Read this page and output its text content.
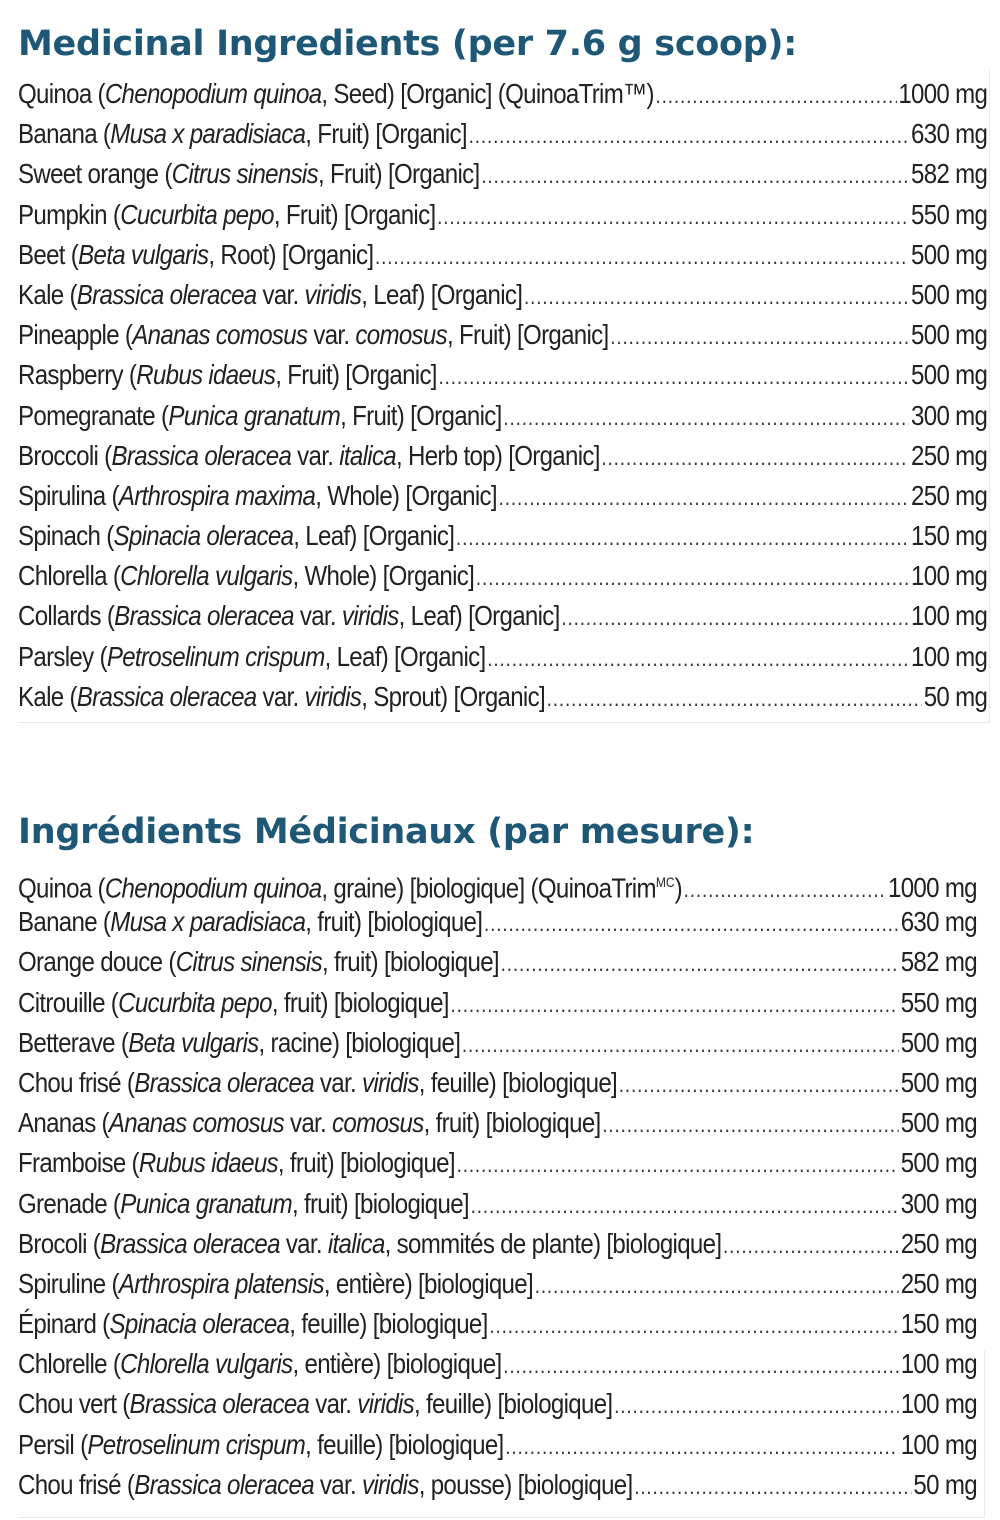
Medicinal Ingredients (per 7.6 g scoop):
Quinoa (Chenopodium quinoa, Seed) [Organic] (QuinoaTrim™) .....	1000 mg
Banana (Musa x paradisiaca, Fruit) [Organic] .....	630 mg
Sweet orange (Citrus sinensis, Fruit) [Organic] .....	582 mg
Pumpkin (Cucurbita pepo, Fruit) [Organic] .....	550 mg
Beet (Beta vulgaris, Root) [Organic] .....	500 mg
Kale (Brassica oleracea var. viridis, Leaf) [Organic] .....	500 mg
Pineapple (Ananas comosus var. comosus, Fruit) [Organic] .....	500 mg
Raspberry (Rubus idaeus, Fruit) [Organic] .....	500 mg
Pomegranate (Punica granatum, Fruit) [Organic] .....	300 mg
Broccoli (Brassica oleracea var. italica, Herb top) [Organic] .....	250 mg
Spirulina (Arthrospira maxima, Whole) [Organic] .....	250 mg
Spinach (Spinacia oleracea, Leaf) [Organic] .....	150 mg
Chlorella (Chlorella vulgaris, Whole) [Organic] .....	100 mg
Collards (Brassica oleracea var. viridis, Leaf) [Organic] .....	100 mg
Parsley (Petroselinum crispum, Leaf) [Organic] .....	100 mg
Kale (Brassica oleracea var. viridis, Sprout) [Organic] .....	50 mg
Ingrédients Médicinaux (par mesure):
Quinoa (Chenopodium quinoa, graine) [biologique] (QuinoaTrim$^{MC}$) .....	1000 mg
Banane (Musa x paradisiaca, fruit) [biologique] .....	630 mg
Orange douce (Citrus sinensis, fruit) [biologique] .....	582 mg
Citrouille (Cucurbita pepo, fruit) [biologique] .....	550 mg
Betterave (Beta vulgaris, racine) [biologique] .....	500 mg
Chou frisé (Brassica oleracea var. viridis, feuille) [biologique] .....	500 mg
Ananas (Ananas comosus var. comosus, fruit) [biologique] .....	500 mg
Framboise (Rubus idaeus, fruit) [biologique] .....	500 mg
Grenade (Punica granatum, fruit) [biologique] .....	300 mg
Brocoli (Brassica oleracea var. italica, sommités de plante) [biologique] .....	250 mg
Spiruline (Arthrospira platensis, entière) [biologique] .....	250 mg
Épinard (Spinacia oleracea, feuille) [biologique] .....	150 mg
Chlorelle (Chlorella vulgaris, entière) [biologique] .....	100 mg
Chou vert (Brassica oleracea var. viridis, feuille) [biologique] .....	100 mg
Persil (Petroselinum crispum, feuille) [biologique] .....	100 mg
Chou frisé (Brassica oleracea var. viridis, pousse) [biologique] .....	50 mg
